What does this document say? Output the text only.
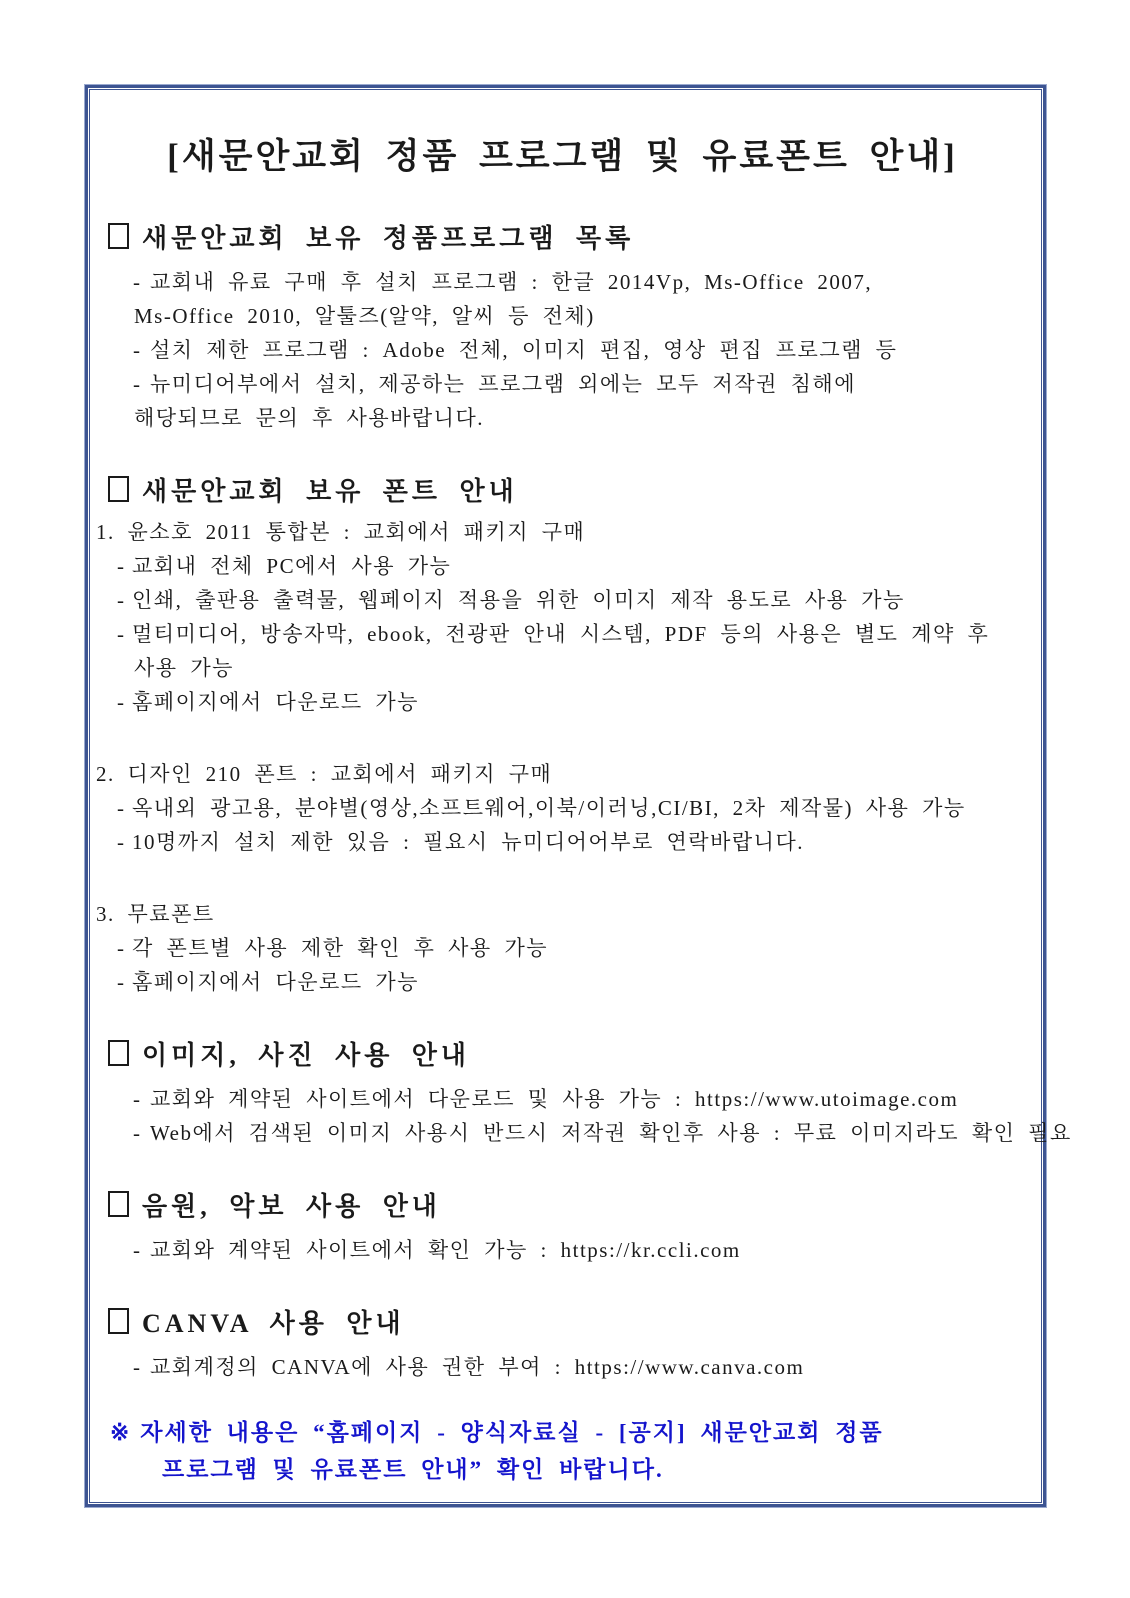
[새문안교회 정품 프로그램 및 유료폰트 안내]
새문안교회 보유 정품프로그램 목록
- 교회내 유료 구매 후 설치 프로그램 : 한글 2014Vp, Ms-Office 2007,
Ms-Office 2010, 알툴즈(알약, 알씨 등 전체)
- 설치 제한 프로그램 : Adobe 전체, 이미지 편집, 영상 편집 프로그램 등
- 뉴미디어부에서 설치, 제공하는 프로그램 외에는 모두 저작권 침해에
해당되므로 문의 후 사용바랍니다.
새문안교회 보유 폰트 안내
1. 윤소호 2011 통합본 : 교회에서 패키지 구매
- 교회내 전체 PC에서 사용 가능
- 인쇄, 출판용 출력물, 웹페이지 적용을 위한 이미지 제작 용도로 사용 가능
- 멀티미디어, 방송자막, ebook, 전광판 안내 시스템, PDF 등의 사용은 별도 계약 후
사용 가능
- 홈페이지에서 다운로드 가능
2. 디자인 210 폰트 : 교회에서 패키지 구매
- 옥내외 광고용, 분야별(영상,소프트웨어,이북/이러닝,CI/BI, 2차 제작물) 사용 가능
- 10명까지 설치 제한 있음 : 필요시 뉴미디어어부로 연락바랍니다.
3. 무료폰트
- 각 폰트별 사용 제한 확인 후 사용 가능
- 홈페이지에서 다운로드 가능
이미지, 사진 사용 안내
- 교회와 계약된 사이트에서 다운로드 및 사용 가능 : https://www.utoimage.com
- Web에서 검색된 이미지 사용시 반드시 저작권 확인후 사용 : 무료 이미지라도 확인 필요
음원, 악보 사용 안내
- 교회와 계약된 사이트에서 확인 가능 : https://kr.ccli.com
CANVA 사용 안내
- 교회계정의 CANVA에 사용 권한 부여 : https://www.canva.com
※ 자세한 내용은 “홈페이지 - 양식자료실 - [공지] 새문안교회 정품
프로그램 및 유료폰트 안내” 확인 바랍니다.
